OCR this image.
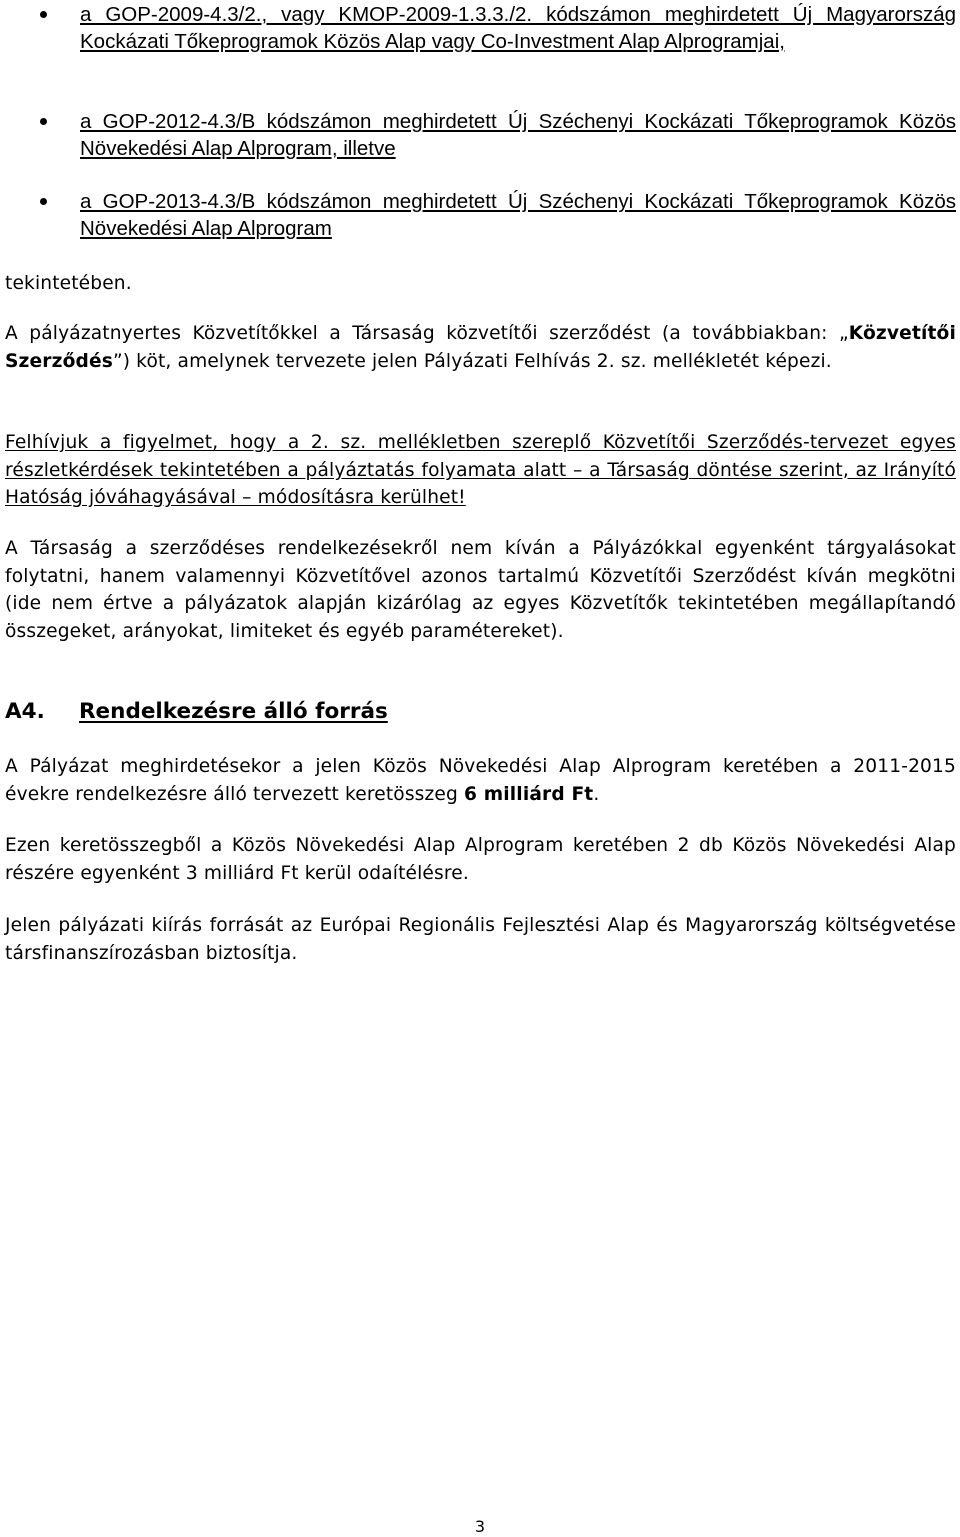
a GOP-2009-4.3/2., vagy KMOP-2009-1.3.3./2. kódszámon meghirdetett Új Magyarország Kockázati Tőkeprogramok Közös Alap vagy Co-Investment Alap Alprogramjai,
a GOP-2012-4.3/B kódszámon meghirdetett Új Széchenyi Kockázati Tőkeprogramok Közös Növekedési Alap Alprogram, illetve
a GOP-2013-4.3/B kódszámon meghirdetett Új Széchenyi Kockázati Tőkeprogramok Közös Növekedési Alap Alprogram

tekintetében.

A pályázatnyertes Közvetítőkkel a Társaság közvetítői szerződést (a továbbiakban: „Közvetítői Szerződés”) köt, amelynek tervezete jelen Pályázati Felhívás 2. sz. mellékletét képezi.

Felhívjuk a figyelmet, hogy a 2. sz. mellékletben szereplő Közvetítői Szerződés-tervezet egyes részletkérdések tekintetében a pályáztatás folyamata alatt – a Társaság döntése szerint, az Irányító Hatóság jóváhagyásával – módosításra kerülhet!

A Társaság a szerződéses rendelkezésekről nem kíván a Pályázókkal egyenként tárgyalásokat folytatni, hanem valamennyi Közvetítővel azonos tartalmú Közvetítői Szerződést kíván megkötni (ide nem értve a pályázatok alapján kizárólag az egyes Közvetítők tekintetében megállapítandó összegeket, arányokat, limiteket és egyéb paramétereket).

A Pályázat meghirdetésekor a jelen Közös Növekedési Alap Alprogram keretében a 2011-2015 évekre rendelkezésre álló tervezett keretösszeg 6 milliárd Ft.

Ezen keretösszegből a Közös Növekedési Alap Alprogram keretében 2 db Közös Növekedési Alap részére egyenként 3 milliárd Ft kerül odaítélésre.

Jelen pályázati kiírás forrását az Európai Regionális Fejlesztési Alap és Magyarország költségvetése társfinanszírozásban biztosítja.

A4. Rendelkezésre álló forrás
3
